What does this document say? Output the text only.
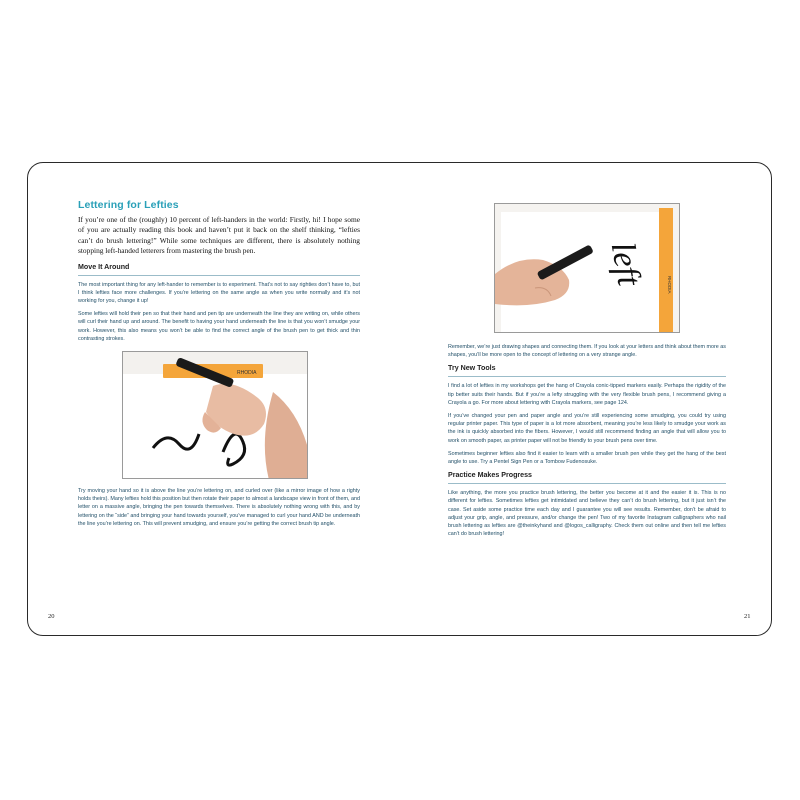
Lettering for Lefties
If you’re one of the (roughly) 10 percent of left-handers in the world: Firstly, hi! I hope some of you are actually reading this book and haven’t put it back on the shelf thinking, “lefties can’t do brush lettering!” While some techniques are different, there is absolutely nothing stopping left-handed letterers from mastering the brush pen.
Move It Around

The most important thing for any left-hander to remember is to experiment. That’s not to say righties don’t have to, but I think lefties face more challenges. If you’re lettering on the same angle as when you write normally and it’s not working for you, change it up!

Some lefties will hold their pen so that their hand and pen tip are underneath the line they are writing on, while others will curl their hand up and around. The benefit to having your hand underneath the line is that you won’t smudge your work. However, this also means you won’t be able to find the correct angle of the brush pen to get thick and thin contrasting strokes.

RHODIA

Try moving your hand so it is above the line you’re lettering on, and curled over (like a mirror image of how a righty holds theirs). Many lefties hold this position but then rotate their paper to almost a landscape view in front of them, and letter on a massive angle, bringing the pen towards themselves. There is absolutely nothing wrong with this, and by lettering on the “side” and bringing your hand towards yourself, you’ve managed to curl your hand AND be underneath the line you’re lettering on. This will prevent smudging, and ensure you’re getting the correct brush tip angle.

20
RHODIA
left

Remember, we’re just drawing shapes and connecting them. If you look at your letters and think about them more as shapes, you’ll be more open to the concept of lettering on a very strange angle.

Try New Tools

I find a lot of lefties in my workshops get the hang of Crayola conic-tipped markers easily. Perhaps the rigidity of the tip better suits their hands. But if you’re a lefty struggling with the very flexible brush pens, I recommend giving a Crayola a go. For more about lettering with Crayola markers, see page 124.

If you’ve changed your pen and paper angle and you’re still experiencing some smudging, you could try using regular printer paper. This type of paper is a lot more absorbent, meaning you’re less likely to smudge your work as the ink is quickly absorbed into the fibers. However, I would still recommend finding an angle that will allow you to work on smooth paper, as printer paper will not be friendly to your brush pens over time.

Sometimes beginner lefties also find it easier to learn with a smaller brush pen while they get the hang of the best angle to use. Try a Pentel Sign Pen or a Tombow Fudenosuke.

Practice Makes Progress

Like anything, the more you practice brush lettering, the better you become at it and the easier it is. This is no different for lefties. Sometimes lefties get intimidated and believe they can’t do brush lettering, but it just isn’t the case. Set aside some practice time each day and I guarantee you will see results. Remember, don’t be afraid to adjust your grip, angle, and pressure, and/or change the pen! Two of my favorite Instagram calligraphers who nail brush lettering as lefties are @theinkyhand and @logos_calligraphy. Check them out online and then tell me lefties can’t do brush lettering!

21
